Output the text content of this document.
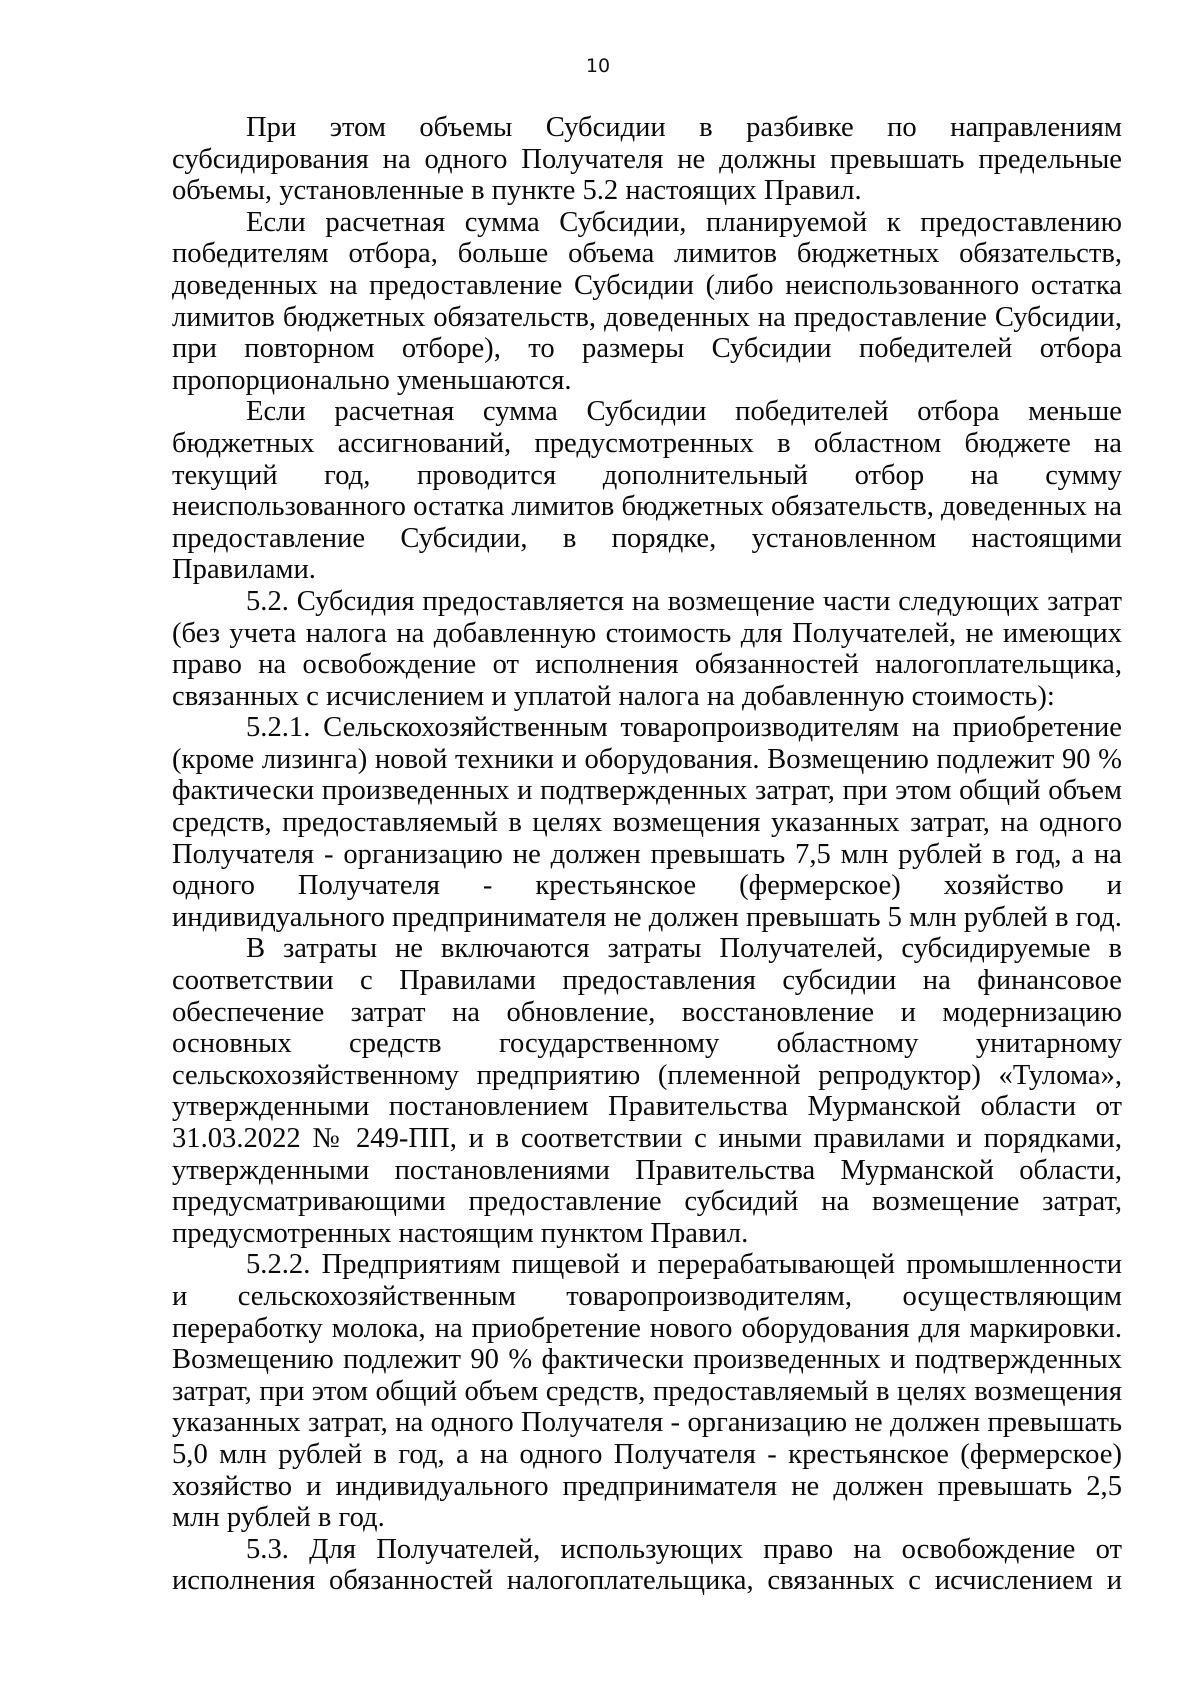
10

При этом объемы Субсидии в разбивке по направлениям субсидирования на одного Получателя не должны превышать предельные объемы, установленные в пункте 5.2 настоящих Правил.

Если расчетная сумма Субсидии, планируемой к предоставлению победителям отбора, больше объема лимитов бюджетных обязательств, доведенных на предоставление Субсидии (либо неиспользованного остатка лимитов бюджетных обязательств, доведенных на предоставление Субсидии, при повторном отборе), то размеры Субсидии победителей отбора пропорционально уменьшаются.

Если расчетная сумма Субсидии победителей отбора меньше бюджетных ассигнований, предусмотренных в областном бюджете на текущий год, проводится дополнительный отбор на сумму неиспользованного остатка лимитов бюджетных обязательств, доведенных на предоставление Субсидии, в порядке, установленном настоящими Правилами.

5.2. Субсидия предоставляется на возмещение части следующих затрат (без учета налога на добавленную стоимость для Получателей, не имеющих право на освобождение от исполнения обязанностей налогоплательщика, связанных с исчислением и уплатой налога на добавленную стоимость):

5.2.1. Сельскохозяйственным товаропроизводителям на приобретение (кроме лизинга) новой техники и оборудования. Возмещению подлежит 90 % фактически произведенных и подтвержденных затрат, при этом общий объем средств, предоставляемый в целях возмещения указанных затрат, на одного Получателя - организацию не должен превышать 7,5 млн рублей в год, а на одного Получателя - крестьянское (фермерское) хозяйство и индивидуального предпринимателя не должен превышать 5 млн рублей в год.

В затраты не включаются затраты Получателей, субсидируемые в соответствии с Правилами предоставления субсидии на финансовое обеспечение затрат на обновление, восстановление и модернизацию основных средств государственному областному унитарному сельскохозяйственному предприятию (племенной репродуктор) «Тулома», утвержденными постановлением Правительства Мурманской области от 31.03.2022 № 249-ПП, и в соответствии с иными правилами и порядками, утвержденными постановлениями Правительства Мурманской области, предусматривающими предоставление субсидий на возмещение затрат, предусмотренных настоящим пунктом Правил.

5.2.2. Предприятиям пищевой и перерабатывающей промышленности и сельскохозяйственным товаропроизводителям, осуществляющим переработку молока, на приобретение нового оборудования для маркировки. Возмещению подлежит 90 % фактически произведенных и подтвержденных затрат, при этом общий объем средств, предоставляемый в целях возмещения указанных затрат, на одного Получателя - организацию не должен превышать 5,0 млн рублей в год, а на одного Получателя - крестьянское (фермерское) хозяйство и индивидуального предпринимателя не должен превышать 2,5 млн рублей в год.

5.3. Для Получателей, использующих право на освобождение от исполнения обязанностей налогоплательщика, связанных с исчислением и
